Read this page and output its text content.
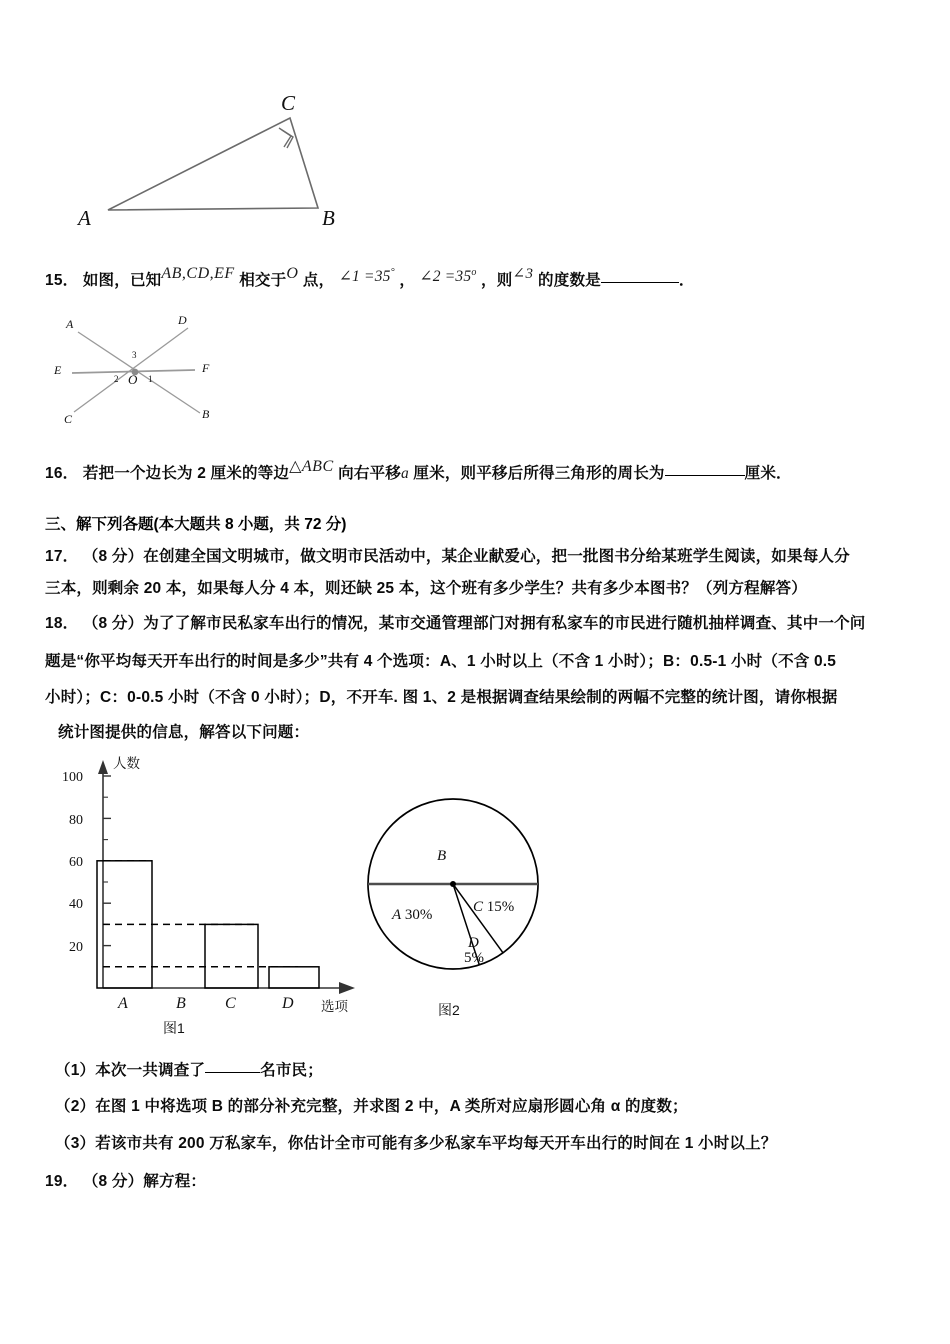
C
A	B
15． 如图，已知AB,CD,EF 相交于O 点， ∠1 =35° ， ∠2 $=35^o$ ，则∠3 的度数是	．
A	D
E	F
C	B
O 1
2
3
16． 若把一个边长为 2 厘米的等边△ABC 向右平移a 厘米，则平移后所得三角形的周长为	厘米．
三、解下列各题(本大题共 8 小题，共 72 分)
17． （8 分）在创建全国文明城市，做文明市民活动中，某企业献爱心，把一批图书分给某班学生阅读，如果每人分
三本，则剩余 20 本，如果每人分 4 本，则还缺 25 本，这个班有多少学生？共有多少本图书？（列方程解答）
18． （8 分）为了了解市民私家车出行的情况，某市交通管理部门对拥有私家车的市民进行随机抽样调查、其中一个问
题是“你平均每天开车出行的时间是多少”共有 4 个选项：A、1 小时以上（不含 1 小时）；B：0.5-1 小时（不含 0.5
小时）；C：0-0.5 小时（不含 0 小时）；D，不开车. 图 1、2 是根据调查结果绘制的两幅不完整的统计图，请你根据
统计图提供的信息，解答以下问题：
20
40
60
80
100
A	B C	D
人数
选项
图1
B
A 30%	C 15%
D
5%
图2
（1）本次一共调查了	名市民；
（2）在图 1 中将选项 B 的部分补充完整，并求图 2 中，A 类所对应扇形圆心角 α 的度数；
（3）若该市共有 200 万私家车，你估计全市可能有多少私家车平均每天开车出行的时间在 1 小时以上？
19． （8 分）解方程：
